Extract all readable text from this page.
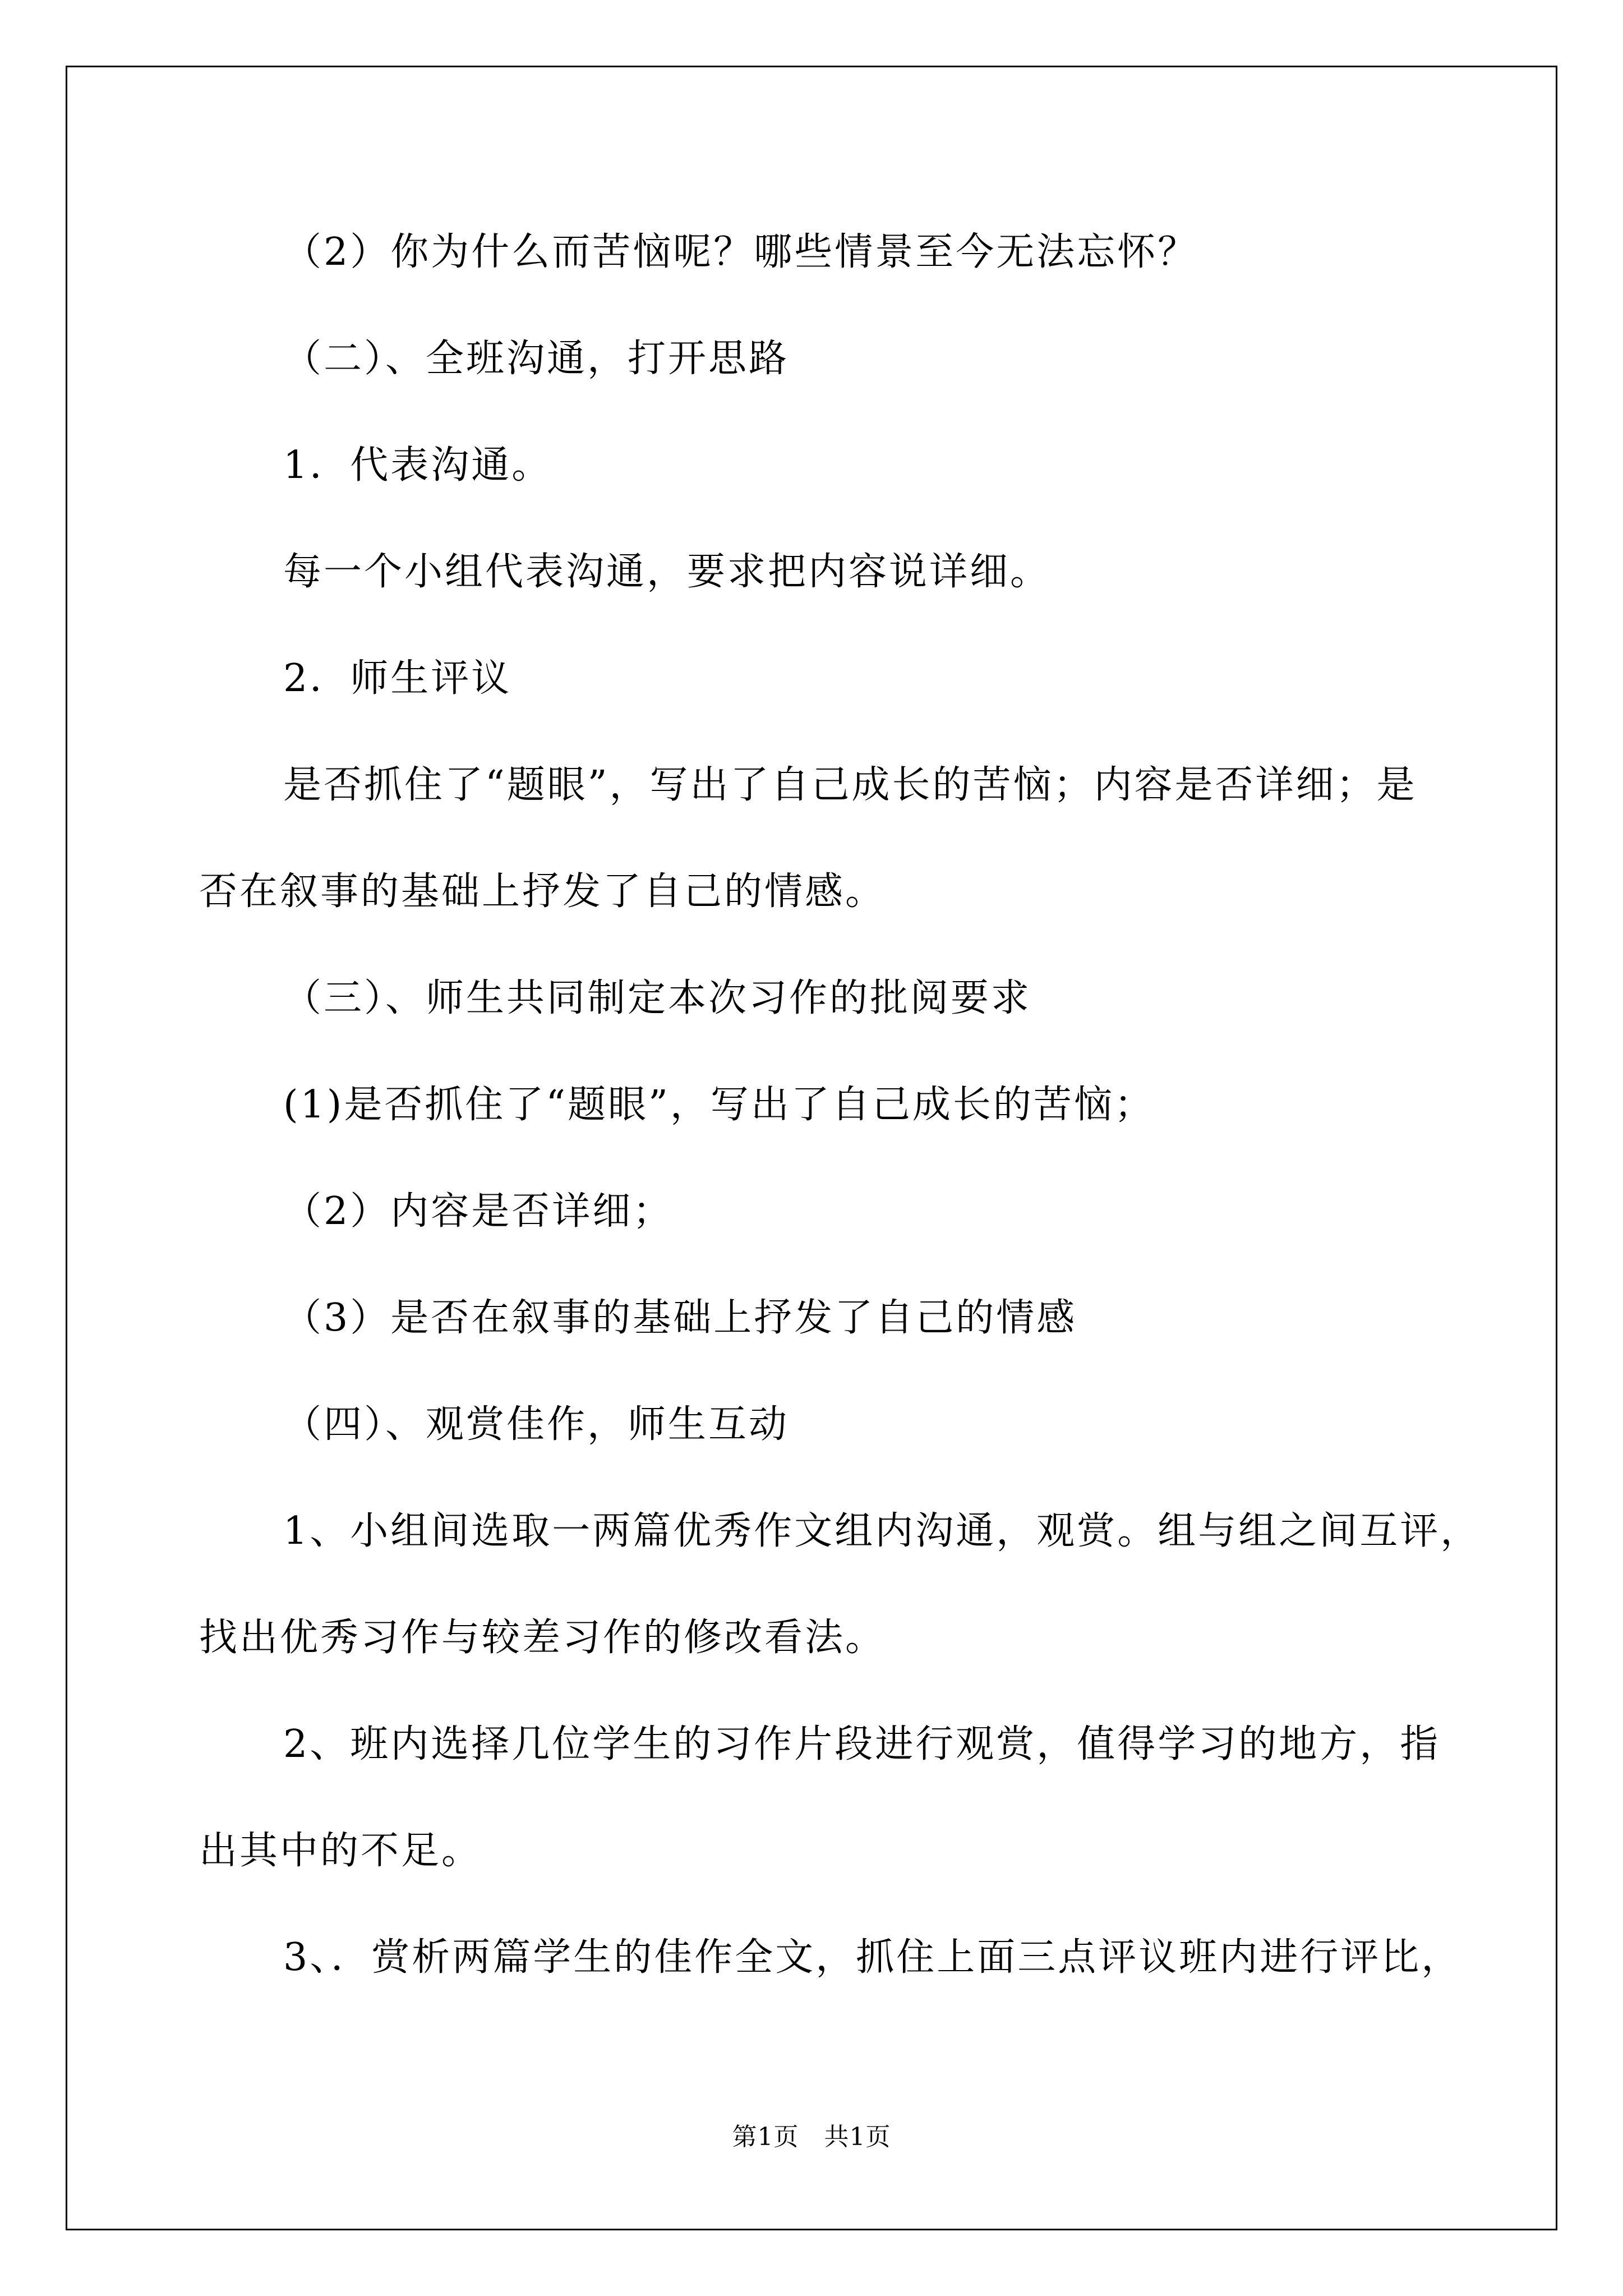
（2）你为什么而苦恼呢？哪些情景至今无法忘怀？
（二）、全班沟通，打开思路
1．代表沟通。
每一个小组代表沟通，要求把内容说详细。
2．师生评议
是否抓住了“题眼”，写出了自己成长的苦恼；内容是否详细；是
否在叙事的基础上抒发了自己的情感。
（三）、师生共同制定本次习作的批阅要求
(1)是否抓住了“题眼”，写出了自己成长的苦恼；
（2）内容是否详细；
（3）是否在叙事的基础上抒发了自己的情感
（四）、观赏佳作，师生互动
1、小组间选取一两篇优秀作文组内沟通，观赏。组与组之间互评，
找出优秀习作与较差习作的修改看法。
2、班内选择几位学生的习作片段进行观赏，值得学习的地方，指
出其中的不足。
3、．赏析两篇学生的佳作全文，抓住上面三点评议班内进行评比，
第1页　共1页
